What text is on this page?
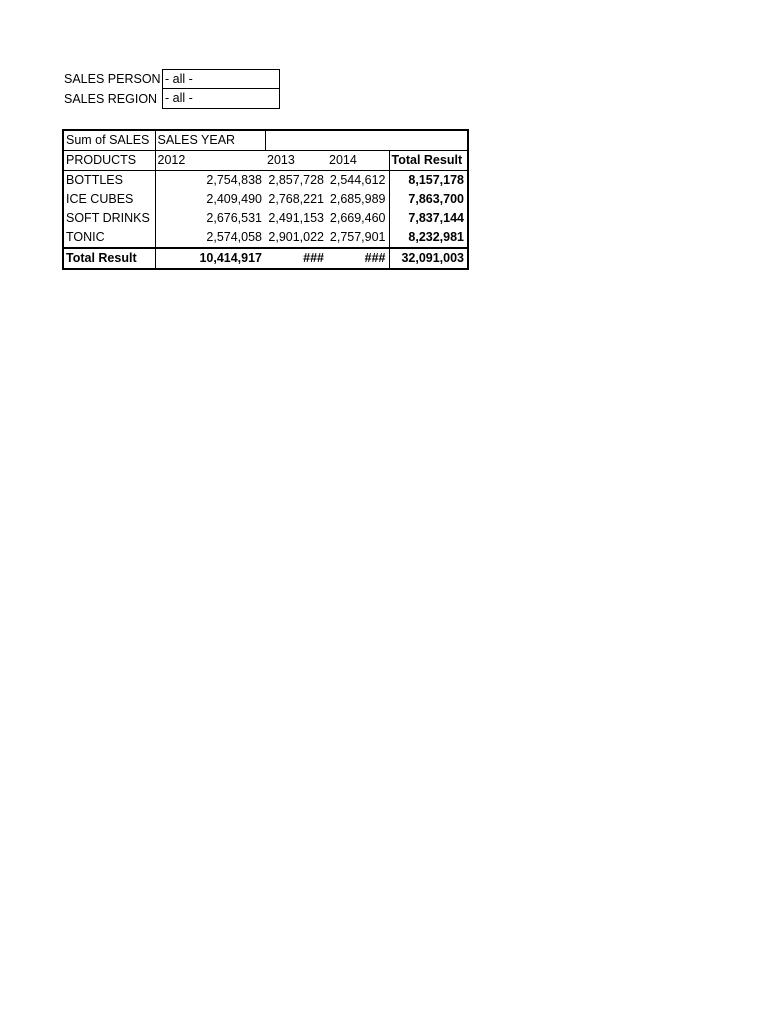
SALES PERSON - all -
SALES REGION - all -
Sum of SALES	SALES YEAR			
PRODUCTS	2012	2013	2014	Total Result
BOTTLES	2,754,838	2,857,728	2,544,612	8,157,178
ICE CUBES	2,409,490	2,768,221	2,685,989	7,863,700
SOFT DRINKS	2,676,531	2,491,153	2,669,460	7,837,144
TONIC	2,574,058	2,901,022	2,757,901	8,232,981
Total Result	10,414,917	###	###	32,091,003
